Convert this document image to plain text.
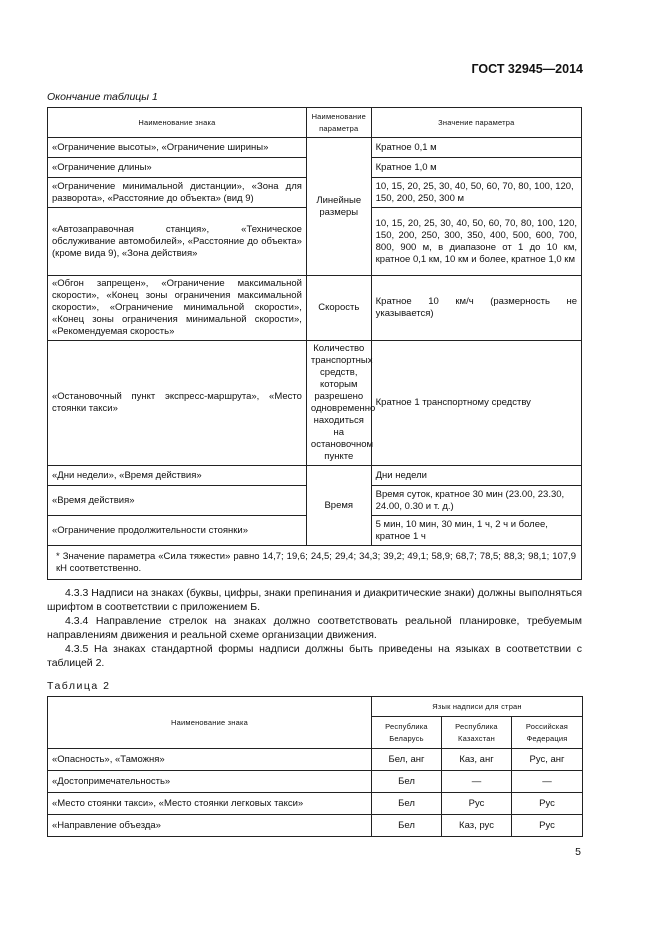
ГОСТ 32945—2014
Окончание таблицы 1
Наименование знака	Наименование параметра	Значение параметра
«Ограничение высоты», «Ограничение ширины»	Линейные размеры	Кратное 0,1 м
«Ограничение длины»		Кратное 1,0 м
«Ограничение минимальной дистанции», «Зона для разворота», «Расстояние до объекта» (вид 9)		10, 15, 20, 25, 30, 40, 50, 60, 70, 80, 100, 120, 150, 200, 250, 300 м
«Автозаправочная станция», «Техническое обслуживание автомобилей», «Расстояние до объекта» (кроме вида 9), «Зона действия»		10, 15, 20, 25, 30, 40, 50, 60, 70, 80, 100, 120, 150, 200, 250, 300, 350, 400, 500, 600, 700, 800, 900 м, в диапазоне от 1 до 10 км, кратное 0,1 км, 10 км и более, кратное 1,0 км
«Обгон запрещен», «Ограничение максимальной скорости», «Конец зоны ограничения максимальной скорости», «Ограничение минимальной скорости», «Конец зоны ограничения минимальной скорости», «Рекомендуемая скорость»	Скорость	Кратное 10 км/ч (размерность не указывается)
«Остановочный пункт экспресс-маршрута», «Место стоянки такси»	Количество транспортных средств, которым разрешено одновременно находиться на остановочном пункте	Кратное 1 транспортному средству
«Дни недели», «Время действия»	Время	Дни недели
«Время действия»		Время суток, кратное 30 мин (23.00, 23.30, 24.00, 0.30 и т. д.)
«Ограничение продолжительности стоянки»		5 мин, 10 мин, 30 мин, 1 ч, 2 ч и более, кратное 1 ч
* Значение параметра «Сила тяжести» равно 14,7; 19,6; 24,5; 29,4; 34,3; 39,2; 49,1; 58,9; 68,7; 78,5; 88,3; 98,1; 107,9 кН соответственно.		

4.3.3 Надписи на знаках (буквы, цифры, знаки препинания и диакритические знаки) должны выполняться шрифтом в соответствии с приложением Б.

4.3.4 Направление стрелок на знаках должно соответствовать реальной планировке, требуемым направлениям движения и реальной схеме организации движения.

4.3.5 На знаках стандартной формы надписи должны быть приведены на языках в соответствии с таблицей 2.

Таблица 2
Наименование знака	Язык надписи для стран		
	Республика Беларусь	Республика Казахстан	Российская Федерация
«Опасность», «Таможня»	Бел, анг	Каз, анг	Рус, анг
«Достопримечательность»	Бел	—	—
«Место стоянки такси», «Место стоянки легковых такси»	Бел	Рус	Рус
«Направление объезда»	Бел	Каз, рус	Рус
5
